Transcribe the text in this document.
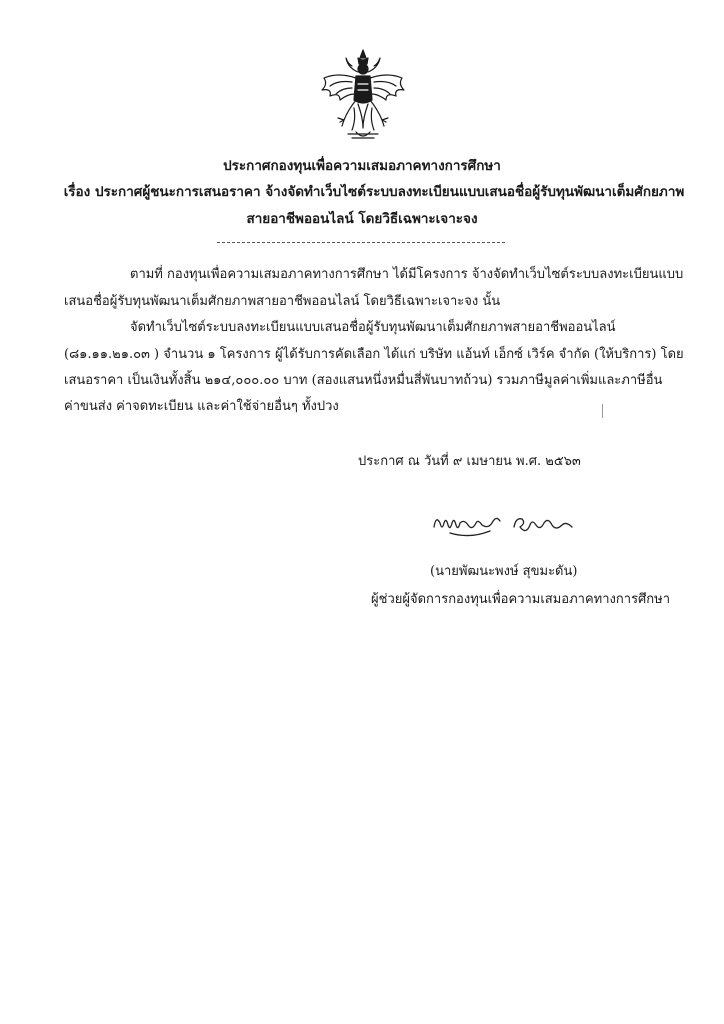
ประกาศกองทุนเพื่อความเสมอภาคทางการศึกษา
เรื่อง ประกาศผู้ชนะการเสนอราคา จ้างจัดทำเว็บไซต์ระบบลงทะเบียนแบบเสนอชื่อผู้รับทุนพัฒนาเต็มศักยภาพ
สายอาชีพออนไลน์ โดยวิธีเฉพาะเจาะจง
ตามที่ กองทุนเพื่อความเสมอภาคทางการศึกษา ได้มีโครงการ จ้างจัดทำเว็บไซต์ระบบลงทะเบียนแบบ
เสนอชื่อผู้รับทุนพัฒนาเต็มศักยภาพสายอาชีพออนไลน์ โดยวิธีเฉพาะเจาะจง นั้น
จัดทำเว็บไซต์ระบบลงทะเบียนแบบเสนอชื่อผู้รับทุนพัฒนาเต็มศักยภาพสายอาชีพออนไลน์
(๘๑.๑๑.๒๑.๐๓ ) จำนวน ๑ โครงการ ผู้ได้รับการคัดเลือก ได้แก่ บริษัท แอ้นท์ เอ็กซ์ เวิร์ค จำกัด (ให้บริการ) โดย
เสนอราคา เป็นเงินทั้งสิ้น ๒๑๔,๐๐๐.๐๐ บาท (สองแสนหนึ่งหมื่นสี่พันบาทถ้วน) รวมภาษีมูลค่าเพิ่มและภาษีอื่น
ค่าขนส่ง ค่าจดทะเบียน และค่าใช้จ่ายอื่นๆ ทั้งปวง
ประกาศ ณ วันที่ ๙ เมษายน พ.ศ. ๒๕๖๓
(นายพัฒนะพงษ์ สุขมะดัน)
ผู้ช่วยผู้จัดการกองทุนเพื่อความเสมอภาคทางการศึกษา
